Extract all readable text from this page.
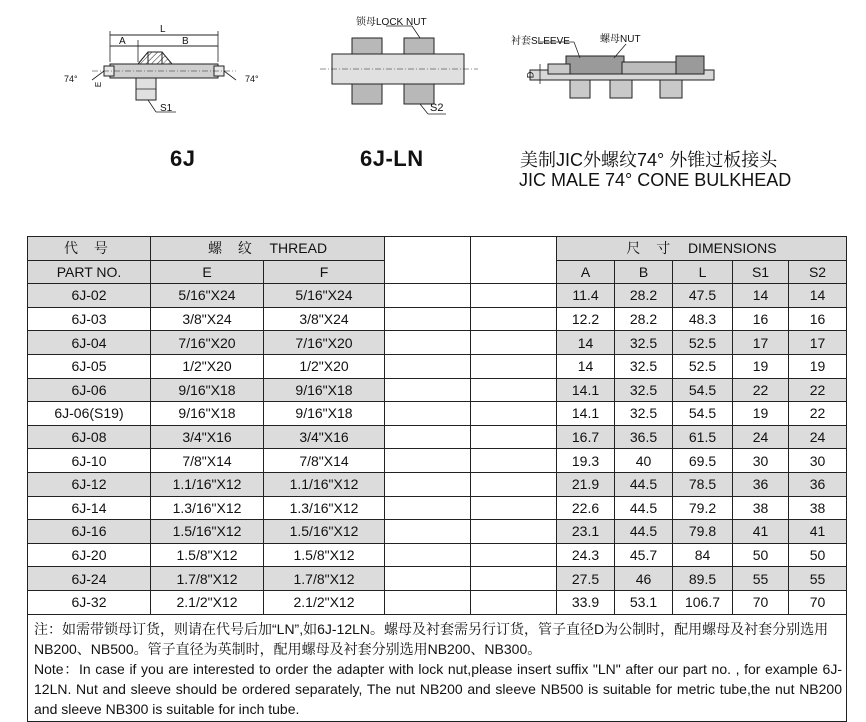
L
A	B
74°	74°
E
S1
锁母LOCK NUT
S2
衬套SLEEVE	螺母NUT
D
6J	6J-LN	美制JIC外螺纹74° 外锥过板接头
JIC MALE 74° CONE BULKHEAD
代 号	螺 纹 THREAD				尺 寸 DIMENSIONS				
PART NO.	E	F			A	B	L	S1	S2
6J-02	5/16"X24	5/16"X24			11.4	28.2	47.5	14	14
6J-03	3/8"X24	3/8"X24			12.2	28.2	48.3	16	16
6J-04	7/16"X20	7/16"X20			14	32.5	52.5	17	17
6J-05	1/2"X20	1/2"X20			14	32.5	52.5	19	19
6J-06	9/16"X18	9/16"X18			14.1	32.5	54.5	22	22
6J-06(S19)	9/16"X18	9/16"X18			14.1	32.5	54.5	19	22
6J-08	3/4"X16	3/4"X16			16.7	36.5	61.5	24	24
6J-10	7/8"X14	7/8"X14			19.3	40	69.5	30	30
6J-12	1.1/16"X12	1.1/16"X12			21.9	44.5	78.5	36	36
6J-14	1.3/16"X12	1.3/16"X12			22.6	44.5	79.2	38	38
6J-16	1.5/16"X12	1.5/16"X12			23.1	44.5	79.8	41	41
6J-20	1.5/8"X12	1.5/8"X12			24.3	45.7	84	50	50
6J-24	1.7/8"X12	1.7/8"X12			27.5	46	89.5	55	55
6J-32	2.1/2"X12	2.1/2"X12			33.9	53.1	106.7	70	70

注：如需带锁母订货，则请在代号后加“LN”,如6J-12LN。螺母及衬套需另行订货，管子直径D为公制时，配用螺母及衬套分别选用NB200、NB500。管子直径为英制时，配用螺母及衬套分别选用NB200、NB300。

Note：In case if you are interested to order the adapter with lock nut,please insert suffix "LN" after our part no. , for example 6J-12LN. Nut and sleeve should be ordered separately, The nut NB200 and sleeve NB500 is suitable for metric tube,the nut NB200 and sleeve NB300 is suitable for inch tube.									
